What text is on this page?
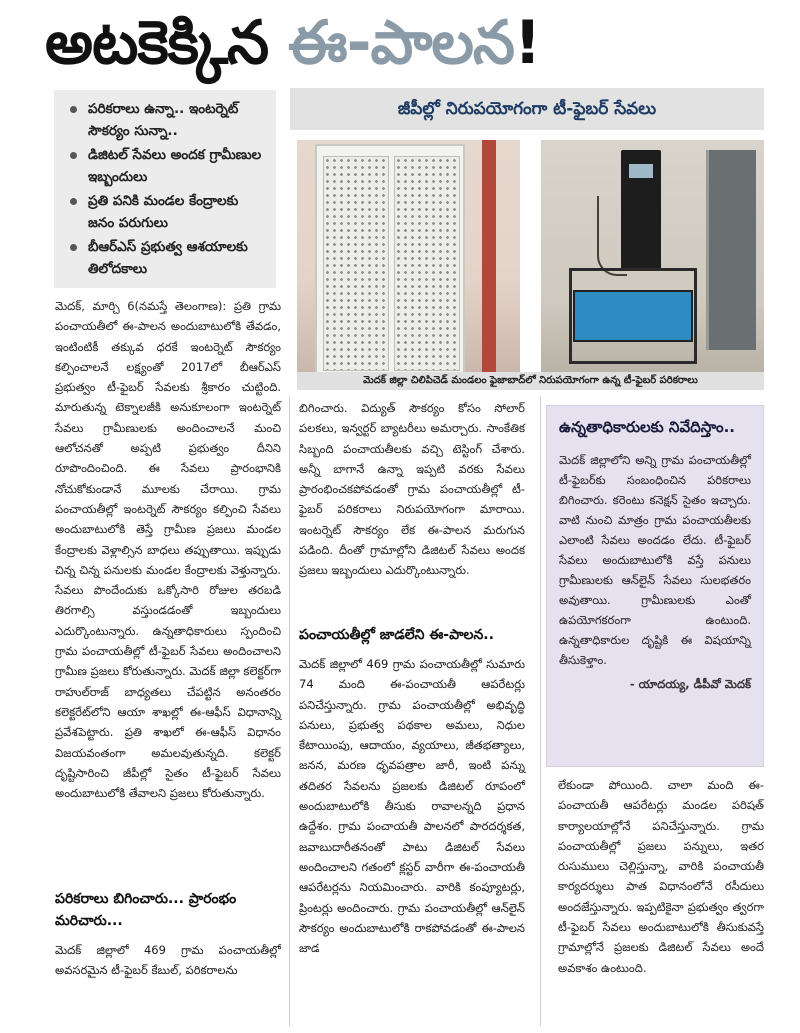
అటకెక్కిన ఈ-పాలన!
పరికరాలు ఉన్నా.. ఇంటర్నెట్ సౌకర్యం సున్నా..
డిజిటల్ సేవలు అందక గ్రామీణుల ఇబ్బందులు
ప్రతి పనికి మండల కేంద్రాలకు జనం పరుగులు
బీఆర్ఎస్ ప్రభుత్వ ఆశయాలకు తిలోదకాలు
జీపీల్లో నిరుపయోగంగా టీ-ఫైబర్ సేవలు
మెదక్ జిల్లా చిలిపిచెడ్ మండలం ఫైజాబాద్‌లో నిరుపయోగంగా ఉన్న టీ-ఫైబర్ పరికరాలు

మెదక్, మార్చి 6(నమస్తే తెలంగాణ): ప్రతి గ్రామ పంచాయతీలో ఈ-పాలన అందుబాటులోకి తేవడం, ఇంటింటికీ తక్కువ ధరకే ఇంటర్నెట్ సౌకర్యం కల్పించాలనే లక్ష్యంతో 2017లో బీఆర్ఎస్ ప్రభుత్వం టీ-ఫైబర్ సేవలకు శ్రీకారం చుట్టింది. మారుతున్న టెక్నాలజీకి అనుకూలంగా ఇంటర్నెట్ సేవలు గ్రామీణులకు అందించాలనే మంచి ఆలోచనతో అప్పటి ప్రభుత్వం దీనిని రూపొందించింది. ఈ సేవలు ప్రారంభానికి నోచుకోకుండానే మూలకు చేరాయి. గ్రామ పంచాయతీల్లో ఇంటర్నెట్ సౌకర్యం కల్పించి సేవలు అందుబాటులోకి తెస్తే గ్రామీణ ప్రజలు మండల కేంద్రాలకు వెళ్లాల్సిన బాధలు తప్పుతాయి. ఇప్పుడు చిన్న చిన్న పనులకు మండల కేంద్రాలకు వెళ్తున్నారు. సేవలు పొందేందుకు ఒక్కోసారి రోజుల తరబడి తిరగాల్సి వస్తుండడంతో ఇబ్బందులు ఎదుర్కొంటున్నారు. ఉన్నతాధికారులు స్పందించి గ్రామ పంచాయతీల్లో టీ-ఫైబర్ సేవలు అందించాలని గ్రామీణ ప్రజలు కోరుతున్నారు. మెదక్ జిల్లా కలెక్టర్‌గా రాహుల్‌రాజ్ బాధ్యతలు చేపట్టిన అనంతరం కలెక్టరేట్‌లోని ఆయా శాఖల్లో ఈ-ఆఫీస్ విధానాన్ని ప్రవేశపెట్టారు. ప్రతి శాఖలో ఈ-ఆఫీస్ విధానం విజయవంతంగా అమలవుతున్నది. కలెక్టర్ దృష్టిసారించి జీపీల్లో సైతం టీ-ఫైబర్ సేవలు అందుబాటులోకి తేవాలని ప్రజలు కోరుతున్నారు.

పరికరాలు బిగించారు... ప్రారంభం మరిచారు...
మెదక్ జిల్లాలో 469 గ్రామ పంచాయతీల్లో అవసరమైన టీ-ఫైబర్ కేబుల్, పరికరాలను

బిగించారు. విద్యుత్ సౌకర్యం కోసం సోలార్ పలకలు, ఇన్వర్టర్ బ్యాటరీలు అమర్చారు. సాంకేతిక సిబ్బంది పంచాయతీలకు వచ్చి టెస్టింగ్ చేశారు. అన్నీ బాగానే ఉన్నా ఇప్పటి వరకు సేవలు ప్రారంభించకపోవడంతో గ్రామ పంచాయతీల్లో టీ-ఫైబర్ పరికరాలు నిరుపయోగంగా మారాయి. ఇంటర్నెట్ సౌకర్యం లేక ఈ-పాలన మరుగున పడింది. దీంతో గ్రామాల్లోని డిజిటల్ సేవలు అందక ప్రజలు ఇబ్బందులు ఎదుర్కొంటున్నారు.

పంచాయతీల్లో జాడలేని ఈ-పాలన..
మెదక్ జిల్లాలో 469 గ్రామ పంచాయతీల్లో సుమారు 74 మంది ఈ-పంచాయతీ ఆపరేటర్లు పనిచేస్తున్నారు. గ్రామ పంచాయతీల్లో అభివృద్ధి పనులు, ప్రభుత్వ పథకాల అమలు, నిధుల కేటాయింపు, ఆదాయం, వ్యయాలు, జీతభత్యాలు, జనన, మరణ ధృవపత్రాల జారీ, ఇంటి పన్ను తదితర సేవలను ప్రజలకు డిజిటల్ రూపంలో అందుబాటులోకి తీసుకు రావాలన్నది ప్రధాన ఉద్దేశం. గ్రామ పంచాయతీ పాలనలో పారదర్శకత, జవాబుదారీతనంతో పాటు డిజిటల్ సేవలు అందించాలని గతంలో క్లస్టర్ వారీగా ఈ-పంచాయతీ ఆపరేటర్లను నియమించారు. వారికి కంప్యూటర్లు, ప్రింటర్లు అందించారు. గ్రామ పంచాయతీల్లో ఆన్‌లైన్ సౌకర్యం అందుబాటులోకి రాకపోవడంతో ఈ-పాలన జాడ
ఉన్నతాధికారులకు నివేదిస్తాం..
మెదక్ జిల్లాలోని అన్ని గ్రామ పంచాయతీల్లో టీ-ఫైబర్‌కు సంబంధించిన పరికరాలు బిగించారు. కరెంటు కనెక్షన్ సైతం ఇచ్చారు. వాటి నుంచి మాత్రం గ్రామ పంచాయతీలకు ఎలాంటి సేవలు అందడం లేదు. టీ-ఫైబర్ సేవలు అందుబాటులోకి వస్తే పనులు గ్రామీణులకు ఆన్‌లైన్ సేవలు సులభతరం అవుతాయి. గ్రామీణులకు ఎంతో ఉపయోగకరంగా ఉంటుంది. ఉన్నతాధికారుల దృష్టికి ఈ విషయాన్ని తీసుకెళ్తాం.
- యాదయ్య, డీపీవో మెదక్

లేకుండా పోయింది. చాలా మంది ఈ-పంచాయతీ ఆపరేటర్లు మండల పరిషత్ కార్యాలయాల్లోనే పనిచేస్తున్నారు. గ్రామ పంచాయతీల్లో ప్రజలు పన్నులు, ఇతర రుసుములు చెల్లిస్తున్నా, వారికి పంచాయతీ కార్యదర్శులు పాత విధానంలోనే రసీదులు అందజేస్తున్నారు. ఇప్పటికైనా ప్రభుత్వం త్వరగా టీ-ఫైబర్ సేవలు అందుబాటులోకి తీసుకువస్తే గ్రామాల్లోనే ప్రజలకు డిజిటల్ సేవలు అందే అవకాశం ఉంటుంది.
